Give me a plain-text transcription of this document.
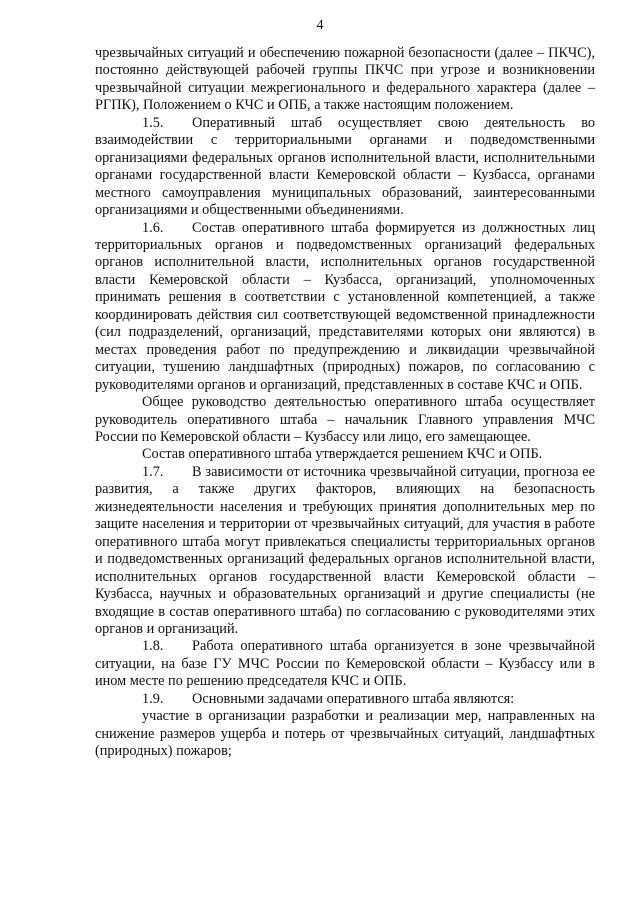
4

чрезвычайных ситуаций и обеспечению пожарной безопасности (далее – ПКЧС), постоянно действующей рабочей группы ПКЧС при угрозе и возникновении чрезвычайной ситуации межрегионального и федерального характера (далее – РГПК), Положением о КЧС и ОПБ, а также настоящим положением.

1.5.  Оперативный штаб осуществляет свою деятельность во взаимодействии с территориальными органами и подведомственными организациями федеральных органов исполнительной власти, исполнительными органами государственной власти Кемеровской области – Кузбасса, органами местного самоуправления муниципальных образований, заинтересованными организациями и общественными объединениями.

1.6.  Состав оперативного штаба формируется из должностных лиц территориальных органов и подведомственных организаций федеральных органов исполнительной власти, исполнительных органов государственной власти Кемеровской области – Кузбасса, организаций, уполномоченных принимать решения в соответствии с установленной компетенцией, а также координировать действия сил соответствующей ведомственной принадлежности (сил подразделений, организаций, представителями которых они являются) в местах проведения работ по предупреждению и ликвидации чрезвычайной ситуации, тушению ландшафтных (природных) пожаров, по согласованию с руководителями органов и организаций, представленных в составе КЧС и ОПБ.

Общее руководство деятельностью оперативного штаба осуществляет руководитель оперативного штаба – начальник Главного управления МЧС России по Кемеровской области – Кузбассу или лицо, его замещающее.

Состав оперативного штаба утверждается решением КЧС и ОПБ.

1.7.  В зависимости от источника чрезвычайной ситуации, прогноза ее развития, а также других факторов, влияющих на безопасность жизнедеятельности населения и требующих принятия дополнительных мер по защите населения и территории от чрезвычайных ситуаций, для участия в работе оперативного штаба могут привлекаться специалисты территориальных органов и подведомственных организаций федеральных органов исполнительной власти, исполнительных органов государственной власти Кемеровской области – Кузбасса, научных и образовательных организаций и другие специалисты (не входящие в состав оперативного штаба) по согласованию с руководителями этих органов и организаций.

1.8.  Работа оперативного штаба организуется в зоне чрезвычайной ситуации, на базе ГУ МЧС России по Кемеровской области – Кузбассу или в ином месте по решению председателя КЧС и ОПБ.

1.9.  Основными задачами оперативного штаба являются:

участие в организации разработки и реализации мер, направленных на снижение размеров ущерба и потерь от чрезвычайных ситуаций, ландшафтных (природных) пожаров;
